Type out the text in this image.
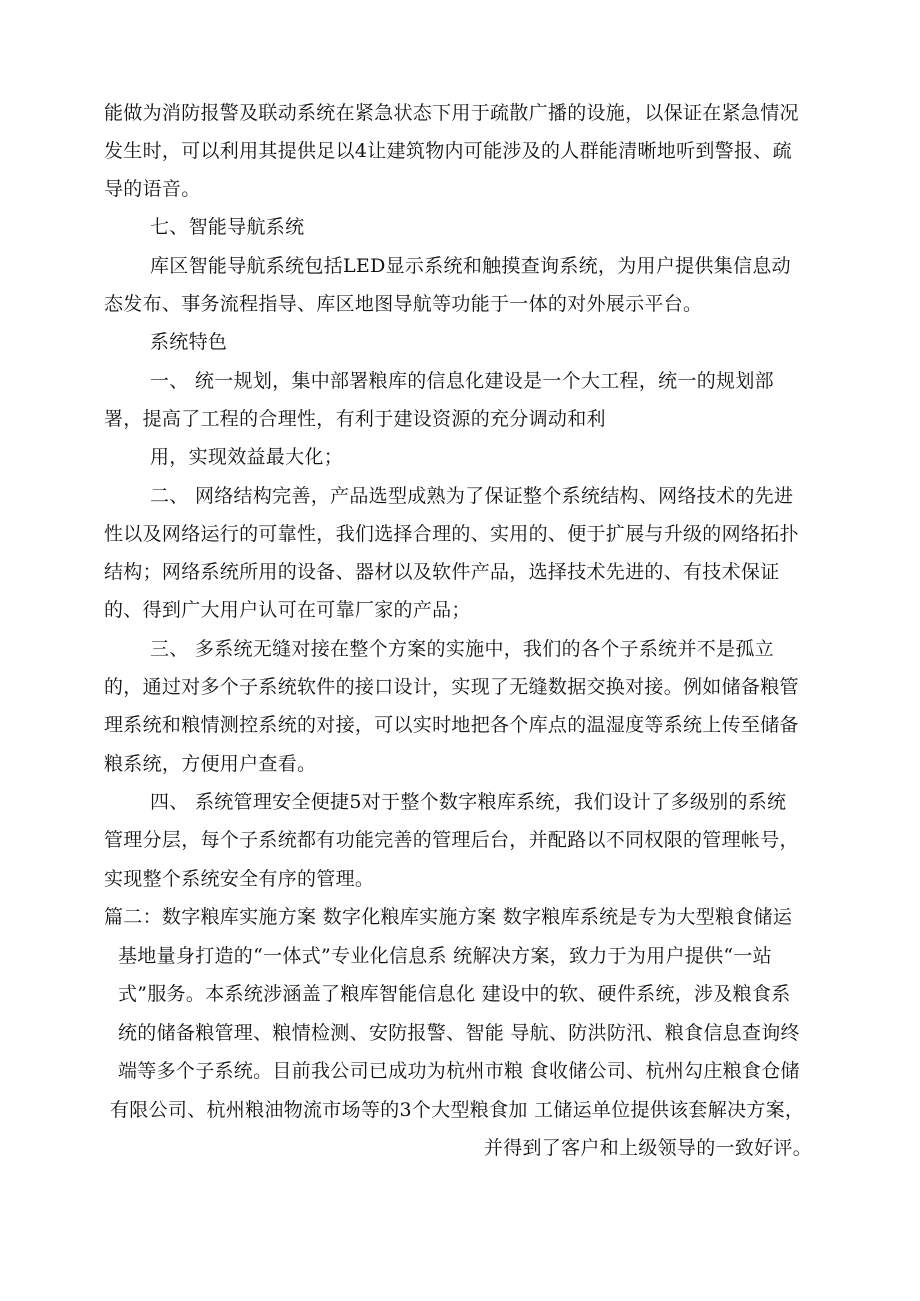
能做为消防报警及联动系统在紧急状态下用于疏散广播的设施，以保证在紧急情况
发生时，可以利用其提供足以4让建筑物内可能涉及的人群能清晰地听到警报、疏
导的语音。
七、智能导航系统
库区智能导航系统包括LED显示系统和触摸查询系统，为用户提供集信息动
态发布、事务流程指导、库区地图导航等功能于一体的对外展示平台。
系统特色
一、 统一规划，集中部署粮库的信息化建设是一个大工程，统一的规划部
署，提高了工程的合理性，有利于建设资源的充分调动和利
用，实现效益最大化；
二、 网络结构完善，产品选型成熟为了保证整个系统结构、网络技术的先进
性以及网络运行的可靠性，我们选择合理的、实用的、便于扩展与升级的网络拓扑
结构；网络系统所用的设备、器材以及软件产品，选择技术先进的、有技术保证
的、得到广大用户认可在可靠厂家的产品；
三、 多系统无缝对接在整个方案的实施中，我们的各个子系统并不是孤立
的，通过对多个子系统软件的接口设计，实现了无缝数据交换对接。例如储备粮管
理系统和粮情测控系统的对接，可以实时地把各个库点的温湿度等系统上传至储备
粮系统，方便用户查看。
四、 系统管理安全便捷5对于整个数字粮库系统，我们设计了多级别的系统
管理分层，每个子系统都有功能完善的管理后台，并配路以不同权限的管理帐号，
实现整个系统安全有序的管理。
篇二：数字粮库实施方案 数字化粮库实施方案 数字粮库系统是专为大型粮食储运
基地量身打造的“一体式”专业化信息系 统解决方案，致力于为用户提供“一站
式”服务。本系统涉涵盖了粮库智能信息化 建设中的软、硬件系统，涉及粮食系
统的储备粮管理、粮情检测、安防报警、智能 导航、防洪防汛、粮食信息查询终
端等多个子系统。目前我公司已成功为杭州市粮 食收储公司、杭州勾庄粮食仓储
有限公司、杭州粮油物流市场等的3个大型粮食加 工储运单位提供该套解决方案，
并得到了客户和上级领导的一致好评。
